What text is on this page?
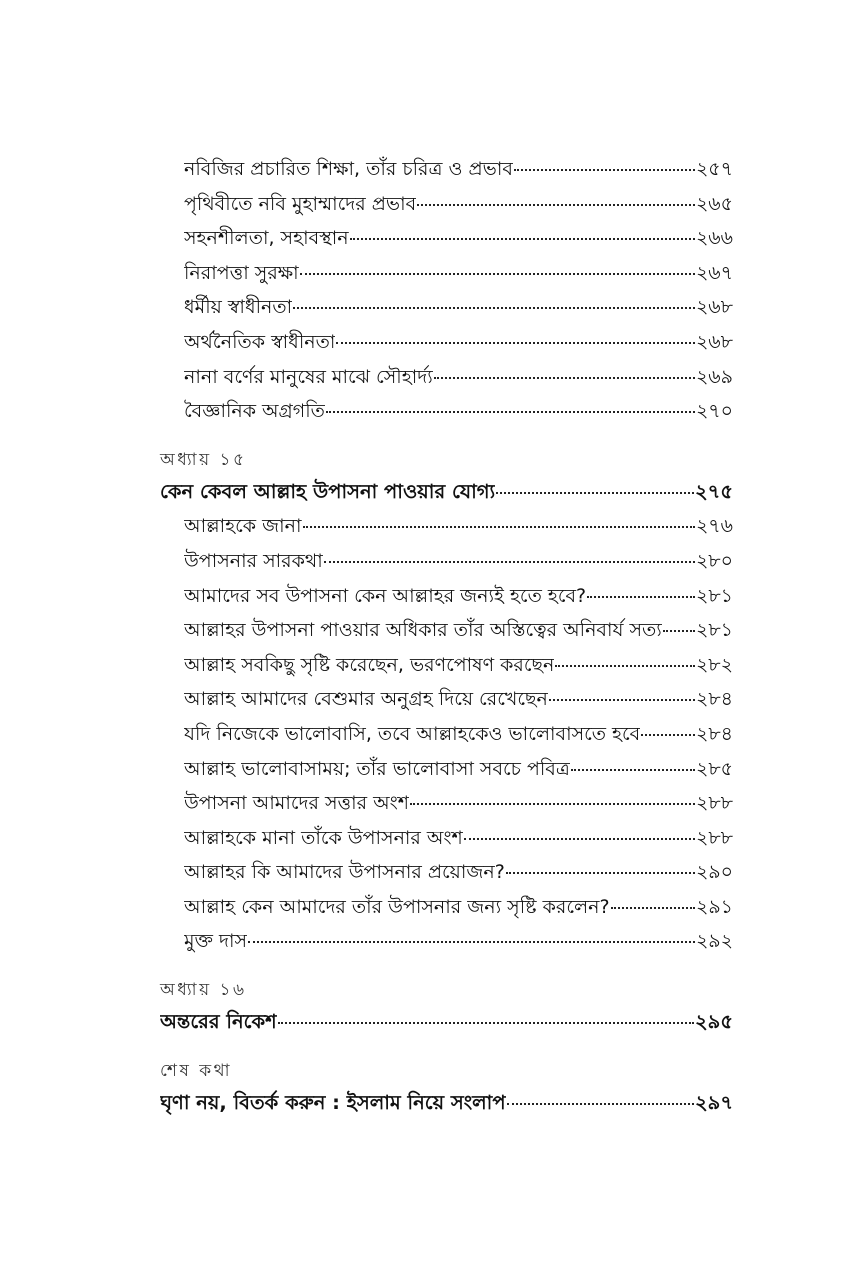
নবিজির প্রচারিত শিক্ষা, তাঁর চরিত্র ও প্রভাব	২৫৭
পৃথিবীতে নবি মুহাম্মাদের প্রভাব	২৬৫
সহনশীলতা, সহাবস্থান	২৬৬
নিরাপত্তা সুরক্ষা	২৬৭
ধর্মীয় স্বাধীনতা	২৬৮
অর্থনৈতিক স্বাধীনতা	২৬৮
নানা বর্ণের মানুষের মাঝে সৌহার্দ্য	২৬৯
বৈজ্ঞানিক অগ্রগতি	২৭০
অধ্যায় ১৫
কেন কেবল আল্লাহ উপাসনা পাওয়ার যোগ্য	২৭৫
আল্লাহকে জানা	২৭৬
উপাসনার সারকথা	২৮০
আমাদের সব উপাসনা কেন আল্লাহর জন্যই হতে হবে?	২৮১
আল্লাহর উপাসনা পাওয়ার অধিকার তাঁর অস্তিত্বের অনিবার্য সত্য ২৮১
আল্লাহ সবকিছু সৃষ্টি করেছেন, ভরণপোষণ করছেন	২৮২
আল্লাহ আমাদের বেশুমার অনুগ্রহ দিয়ে রেখেছেন	২৮৪
যদি নিজেকে ভালোবাসি, তবে আল্লাহকেও ভালোবাসতে হবে	২৮৪
আল্লাহ ভালোবাসাময়; তাঁর ভালোবাসা সবচে পবিত্র	২৮৫
উপাসনা আমাদের সত্তার অংশ	২৮৮
আল্লাহকে মানা তাঁকে উপাসনার অংশ	২৮৮
আল্লাহর কি আমাদের উপাসনার প্রয়োজন?	২৯০
আল্লাহ কেন আমাদের তাঁর উপাসনার জন্য সৃষ্টি করলেন?	২৯১
মুক্ত দাস	২৯২
অধ্যায় ১৬
অন্তরের নিকেশ	২৯৫
শেষ কথা
ঘৃণা নয়, বিতর্ক করুন : ইসলাম নিয়ে সংলাপ	২৯৭
